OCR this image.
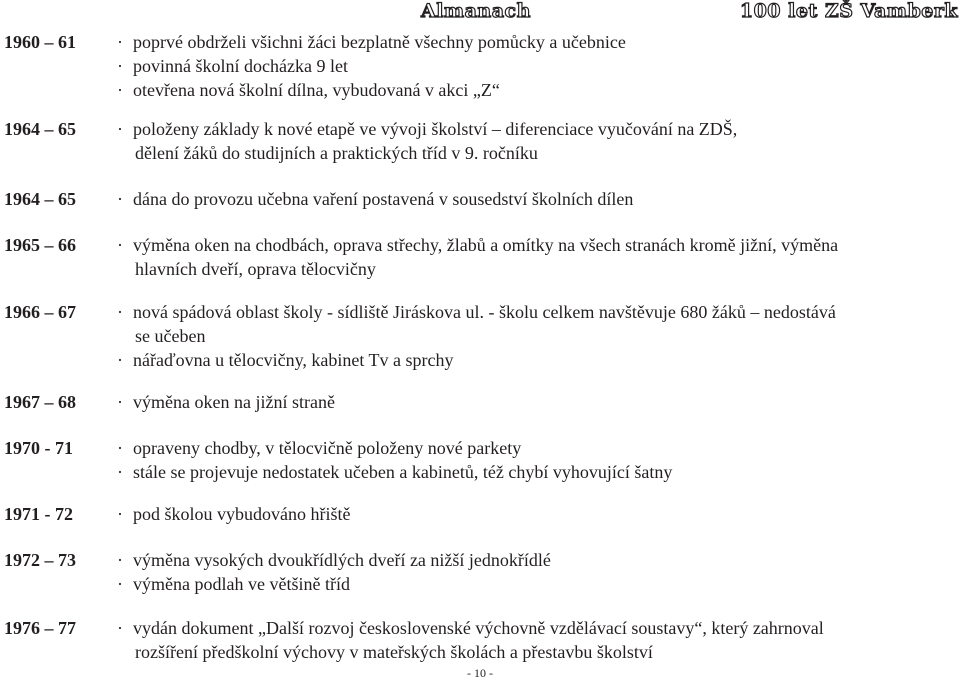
Almanach	100 let ZŠ Vamberk
1960 – 61 · poprvé obdrželi všichni žáci bezplatně všechny pomůcky a učebnice
· povinná školní docházka 9 let
· otevřena nová školní dílna, vybudovaná v akci „Z“
1964 – 65 · položeny základy k nové etapě ve vývoji školství – diferenciace vyučování na ZDŠ,
dělení žáků do studijních a praktických tříd v 9. ročníku
1964 – 65 · dána do provozu učebna vaření postavená v sousedství školních dílen
1965 – 66 · výměna oken na chodbách, oprava střechy, žlabů a omítky na všech stranách kromě jižní, výměna
hlavních dveří, oprava tělocvičny
1966 – 67 · nová spádová oblast školy - sídliště Jiráskova ul. - školu celkem navštěvuje 680 žáků – nedostává
se učeben
· nářaďovna u tělocvičny, kabinet Tv a sprchy
1967 – 68 · výměna oken na jižní straně
1970 - 71 · opraveny chodby, v tělocvičně položeny nové parkety
· stále se projevuje nedostatek učeben a kabinetů, též chybí vyhovující šatny
1971 - 72 · pod školou vybudováno hřiště
1972 – 73 · výměna vysokých dvoukřídlých dveří za nižší jednokřídlé
· výměna podlah ve většině tříd
1976 – 77 · vydán dokument „Další rozvoj československé výchovně vzdělávací soustavy“, který zahrnoval
rozšíření předškolní výchovy v mateřských školách a přestavbu školství
- 10 -
